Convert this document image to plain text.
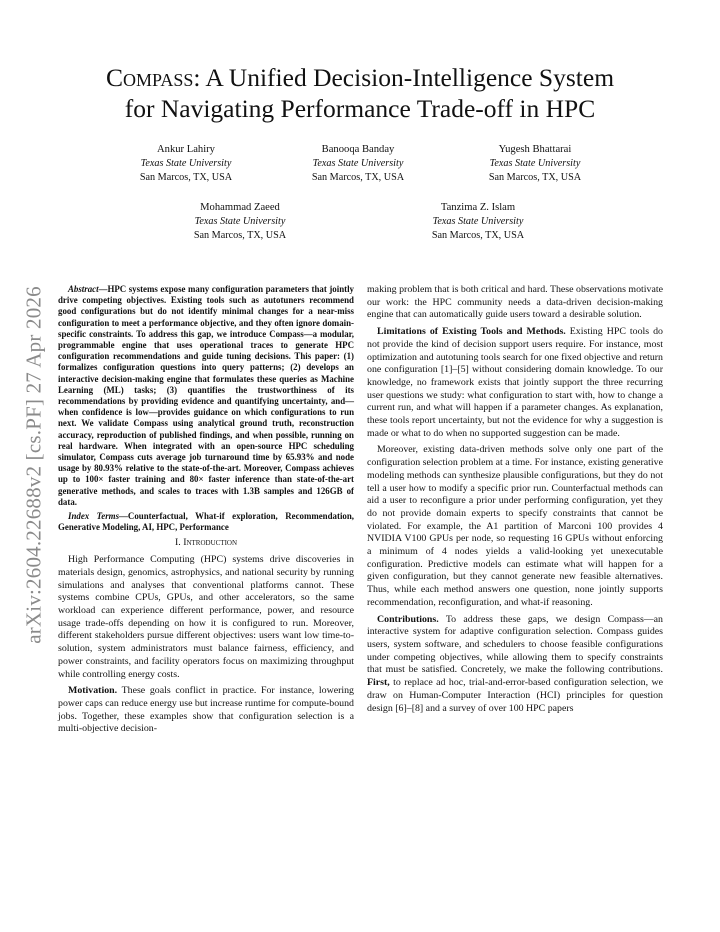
arXiv:2604.22688v2 [cs.PF] 27 Apr 2026
Compass: A Unified Decision-Intelligence System
for Navigating Performance Trade-off in HPC
Ankur Lahiry
Texas State University
San Marcos, TX, USA
Banooqa Banday
Texas State University
San Marcos, TX, USA
Yugesh Bhattarai
Texas State University
San Marcos, TX, USA
Mohammad Zaeed
Texas State University
San Marcos, TX, USA
Tanzima Z. Islam
Texas State University
San Marcos, TX, USA

Abstract—HPC systems expose many configuration parameters that jointly drive competing objectives. Existing tools such as autotuners recommend good configurations but do not identify minimal changes for a near-miss configuration to meet a performance objective, and they often ignore domain-specific constraints. To address this gap, we introduce Compass—a modular, programmable engine that uses operational traces to generate HPC configuration recommendations and guide tuning decisions. This paper: (1) formalizes configuration questions into query patterns; (2) develops an interactive decision-making engine that formulates these queries as Machine Learning (ML) tasks; (3) quantifies the trustworthiness of its recommendations by providing evidence and quantifying uncertainty, and—when confidence is low—provides guidance on which configurations to run next. We validate Compass using analytical ground truth, reconstruction accuracy, reproduction of published findings, and when possible, running on real hardware. When integrated with an open-source HPC scheduling simulator, Compass cuts average job turnaround time by 65.93% and node usage by 80.93% relative to the state-of-the-art. Moreover, Compass achieves up to 100× faster training and 80× faster inference than state-of-the-art generative methods, and scales to traces with 1.3B samples and 126GB of data.

Index Terms—Counterfactual, What-if exploration, Recommendation, Generative Modeling, AI, HPC, Performance

I. Introduction

High Performance Computing (HPC) systems drive discoveries in materials design, genomics, astrophysics, and national security by running simulations and analyses that conventional platforms cannot. These systems combine CPUs, GPUs, and other accelerators, so the same workload can experience different performance, power, and resource usage trade-offs depending on how it is configured to run. Moreover, different stakeholders pursue different objectives: users want low time-to-solution, system administrators must balance fairness, efficiency, and power constraints, and facility operators focus on maximizing throughput while controlling energy costs.

Motivation. These goals conflict in practice. For instance, lowering power caps can reduce energy use but increase runtime for compute-bound jobs. Together, these examples show that configuration selection is a multi-objective decision-

making problem that is both critical and hard. These observations motivate our work: the HPC community needs a data-driven decision-making engine that can automatically guide users toward a desirable solution.

Limitations of Existing Tools and Methods. Existing HPC tools do not provide the kind of decision support users require. For instance, most optimization and autotuning tools search for one fixed objective and return one configuration [1]–[5] without considering domain knowledge. To our knowledge, no framework exists that jointly support the three recurring user questions we study: what configuration to start with, how to change a current run, and what will happen if a parameter changes. As explanation, these tools report uncertainty, but not the evidence for why a suggestion is made or what to do when no supported suggestion can be made.

Moreover, existing data-driven methods solve only one part of the configuration selection problem at a time. For instance, existing generative modeling methods can synthesize plausible configurations, but they do not tell a user how to modify a specific prior run. Counterfactual methods can aid a user to reconfigure a prior under performing configuration, yet they do not provide domain experts to specify constraints that cannot be violated. For example, the A1 partition of Marconi 100 provides 4 NVIDIA V100 GPUs per node, so requesting 16 GPUs without enforcing a minimum of 4 nodes yields a valid-looking yet unexecutable configuration. Predictive models can estimate what will happen for a given configuration, but they cannot generate new feasible alternatives. Thus, while each method answers one question, none jointly supports recommendation, reconfiguration, and what-if reasoning.

Contributions. To address these gaps, we design Compass—an interactive system for adaptive configuration selection. Compass guides users, system software, and schedulers to choose feasible configurations under competing objectives, while allowing them to specify constraints that must be satisfied. Concretely, we make the following contributions. First, to replace ad hoc, trial-and-error-based configuration selection, we draw on Human-Computer Interaction (HCI) principles for question design [6]–[8] and a survey of over 100 HPC papers
